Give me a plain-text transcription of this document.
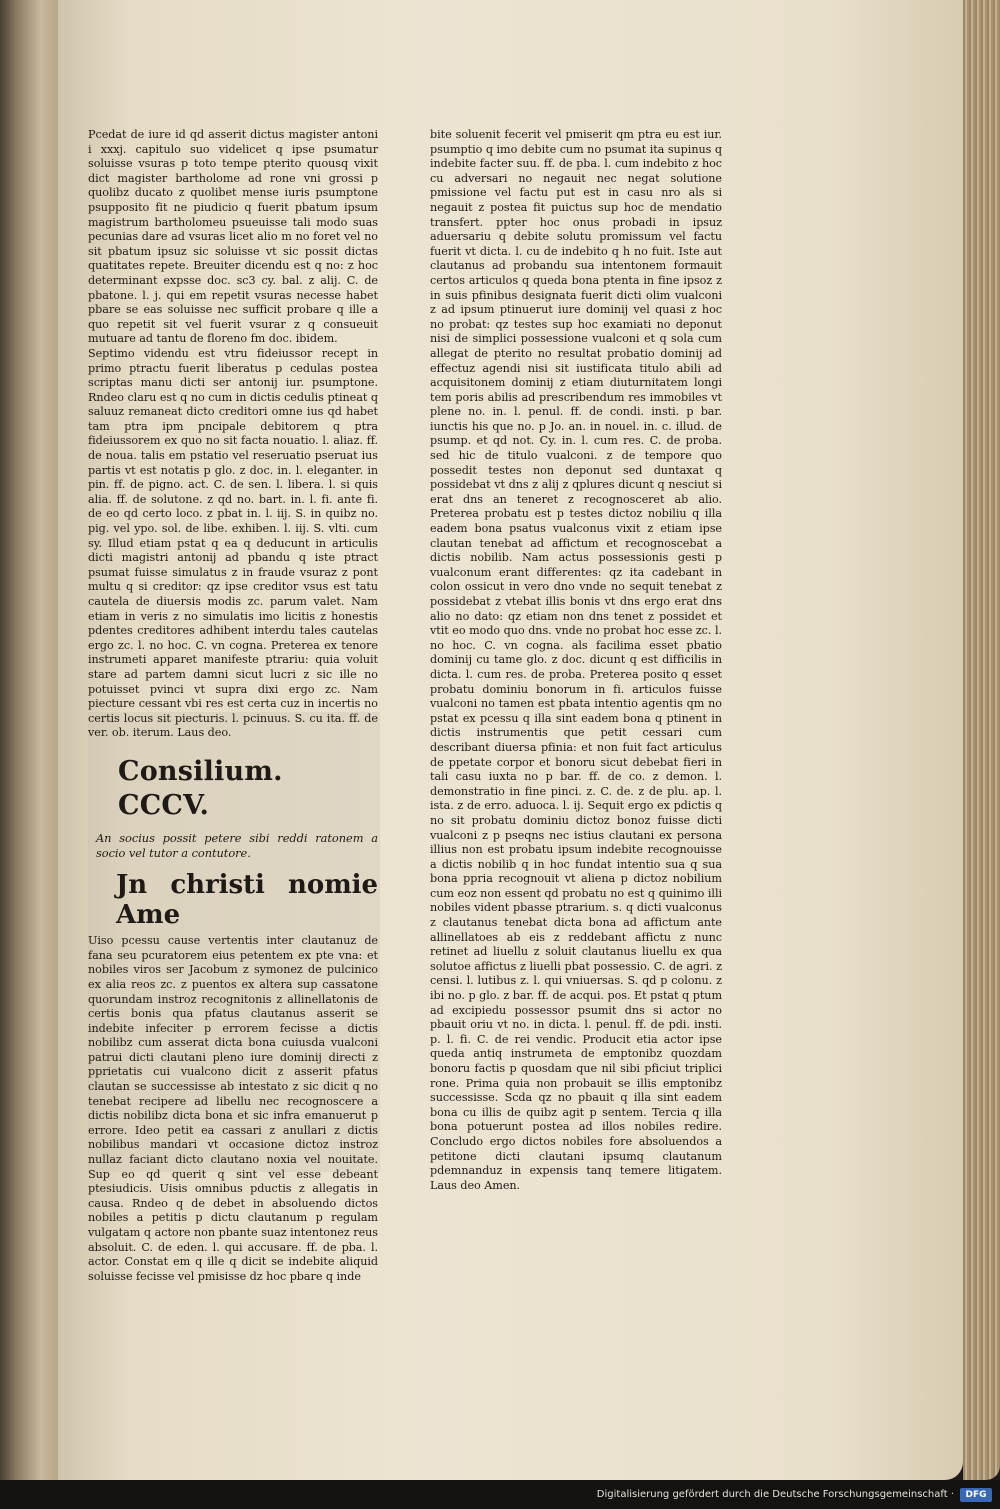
Pcedat de iure id qd asserit dictus magister antoni i xxxj. capitulo suo videlicet q ipse psumatur soluisse vsuras p toto tempe pterito quousq vixit dict magister bartholome ad rone vni grossi p quolibz ducato z quolibet mense iuris psumptone psupposito fit ne piudicio q fuerit pbatum ipsum magistrum bartholomeu psueuisse tali modo suas pecunias dare ad vsuras licet alio m no foret vel no sit pbatum ipsuz sic soluisse vt sic possit dictas quatitates repete. Breuiter dicendu est q no: z hoc determinant expsse doc. sc3 cy. bal. z alij. C. de pbatone. l. j. qui em repetit vsuras necesse habet pbare se eas soluisse nec sufficit probare q ille a quo repetit sit vel fuerit vsurar z q consueuit mutuare ad tantu de floreno fm doc. ibidem.

Septimo videndu est vtru fideiussor recept in primo ptractu fuerit liberatus p cedulas postea scriptas manu dicti ser antonij iur. psumptone. Rndeo claru est q no cum in dictis cedulis ptineat q saluuz remaneat dicto creditori omne ius qd habet tam ptra ipm pncipale debitorem q ptra fideiussorem ex quo no sit facta nouatio. l. aliaz. ff. de noua. talis em pstatio vel reseruatio pseruat ius partis vt est notatis p glo. z doc. in. l. eleganter. in pin. ff. de pigno. act. C. de sen. l. libera. l. si quis alia. ff. de solutone. z qd no. bart. in. l. fi. ante fi. de eo qd certo loco. z pbat in. l. iij. S. in quibz no. pig. vel ypo. sol. de libe. exhiben. l. iij. S. vlti. cum sy. Illud etiam pstat q ea q deducunt in articulis dicti magistri antonij ad pbandu q iste ptract psumat fuisse simulatus z in fraude vsuraz z pont multu q si creditor: qz ipse creditor vsus est tatu cautela de diuersis modis zc. parum valet. Nam etiam in veris z no simulatis imo licitis z honestis pdentes creditores adhibent interdu tales cautelas ergo zc. l. no hoc. C. vn cogna. Preterea ex tenore instrumeti apparet manifeste ptrariu: quia voluit stare ad partem damni sicut lucri z sic ille no potuisset pvinci vt supra dixi ergo zc. Nam piecture cessant vbi res est certa cuz in incertis no certis locus sit piecturis. l. pcinuus. S. cu ita. ff. de ver. ob. iterum. Laus deo.

Consilium. CCCV.
An socius possit petere sibi reddi ratonem a socio vel tutor a contutore.
Jn christi nomie Ame

Uiso pcessu cause vertentis inter clautanuz de fana seu pcuratorem eius petentem ex pte vna: et nobiles viros ser Jacobum z symonez de pulcinico ex alia reos zc. z puentos ex altera sup cassatone quorundam instroz recognitonis z allinellatonis de certis bonis qua pfatus clautanus asserit se indebite infeciter p errorem fecisse a dictis nobilibz cum asserat dicta bona cuiusda vualconi patrui dicti clautani pleno iure dominij directi z pprietatis cui vualcono dicit z asserit pfatus clautan se successisse ab intestato z sic dicit q no tenebat recipere ad libellu nec recognoscere a dictis nobilibz dicta bona et sic infra emanuerut p errore. Ideo petit ea cassari z anullari z dictis nobilibus mandari vt occasione dictoz instroz nullaz faciant dicto clautano noxia vel nouitate. Sup eo qd querit q sint vel esse debeant ptesiudicis. Uisis omnibus pductis z allegatis in causa. Rndeo q de debet in absoluendo dictos nobiles a petitis p dictu clautanum p regulam vulgatam q actore non pbante suaz intentonez reus absoluit. C. de eden. l. qui accusare. ff. de pba. l. actor. Constat em q ille q dicit se indebite aliquid soluisse fecisse vel pmisisse dz hoc pbare q inde

bite soluenit fecerit vel pmiserit qm ptra eu est iur. psumptio q imo debite cum no psumat ita supinus q indebite facter suu. ff. de pba. l. cum indebito z hoc cu adversari no negauit nec negat solutione pmissione vel factu put est in casu nro als si negauit z postea fit puictus sup hoc de mendatio transfert. ppter hoc onus probadi in ipsuz aduersariu q debite solutu promissum vel factu fuerit vt dicta. l. cu de indebito q h no fuit. Iste aut clautanus ad probandu sua intentonem formauit certos articulos q queda bona ptenta in fine ipsoz z in suis pfinibus designata fuerit dicti olim vualconi z ad ipsum ptinuerut iure dominij vel quasi z hoc no probat: qz testes sup hoc examiati no deponut nisi de simplici possessione vualconi et q sola cum allegat de pterito no resultat probatio dominij ad effectuz agendi nisi sit iustificata titulo abili ad acquisitonem dominij z etiam diuturnitatem longi tem poris abilis ad prescribendum res immobiles vt plene no. in. l. penul. ff. de condi. insti. p bar. iunctis his que no. p Jo. an. in nouel. in. c. illud. de psump. et qd not. Cy. in. l. cum res. C. de proba. sed hic de titulo vualconi. z de tempore quo possedit testes non deponut sed duntaxat q possidebat vt dns z alij z qplures dicunt q nesciut si erat dns an teneret z recognosceret ab alio. Preterea probatu est p testes dictoz nobiliu q illa eadem bona psatus vualconus vixit z etiam ipse clautan tenebat ad affictum et recognoscebat a dictis nobilib. Nam actus possessionis gesti p vualconum erant differentes: qz ita cadebant in colon ossicut in vero dno vnde no sequit tenebat z possidebat z vtebat illis bonis vt dns ergo erat dns alio no dato: qz etiam non dns tenet z possidet et vtit eo modo quo dns. vnde no probat hoc esse zc. l. no hoc. C. vn cogna. als facilima esset pbatio dominij cu tame glo. z doc. dicunt q est difficilis in dicta. l. cum res. de proba. Preterea posito q esset probatu dominiu bonorum in fi. articulos fuisse vualconi no tamen est pbata intentio agentis qm no pstat ex pcessu q illa sint eadem bona q ptinent in dictis instrumentis que petit cessari cum describant diuersa pfinia: et non fuit fact articulus de ppetate corpor et bonoru sicut debebat fieri in tali casu iuxta no p bar. ff. de co. z demon. l. demonstratio in fine pinci. z. C. de. z de plu. ap. l. ista. z de erro. aduoca. l. ij. Sequit ergo ex pdictis q no sit probatu dominiu dictoz bonoz fuisse dicti vualconi z p pseqns nec istius clautani ex persona illius non est probatu ipsum indebite recognouisse a dictis nobilib q in hoc fundat intentio sua q sua bona ppria recognouit vt aliena p dictoz nobilium cum eoz non essent qd probatu no est q quinimo illi nobiles vident pbasse ptrarium. s. q dicti vualconus z clautanus tenebat dicta bona ad affictum ante allinellatoes ab eis z reddebant affictu z nunc retinet ad liuellu z soluit clautanus liuellu ex qua solutoe affictus z liuelli pbat possessio. C. de agri. z censi. l. lutibus z. l. qui vniuersas. S. qd p colonu. z ibi no. p glo. z bar. ff. de acqui. pos. Et pstat q ptum ad excipiedu possessor psumit dns si actor no pbauit oriu vt no. in dicta. l. penul. ff. de pdi. insti. p. l. fi. C. de rei vendic. Producit etia actor ipse queda antiq instrumeta de emptonibz quozdam bonoru factis p quosdam que nil sibi pficiut triplici rone. Prima quia non probauit se illis emptonibz successisse. Scda qz no pbauit q illa sint eadem bona cu illis de quibz agit p sentem. Tercia q illa bona potuerunt postea ad illos nobiles redire. Concludo ergo dictos nobiles fore absoluendos a petitone dicti clautani ipsumq clautanum pdemnanduz in expensis tanq temere litigatem. Laus deo Amen.

Digitalisierung gefördert durch die Deutsche Forschungsgemeinschaft ·	DFG
